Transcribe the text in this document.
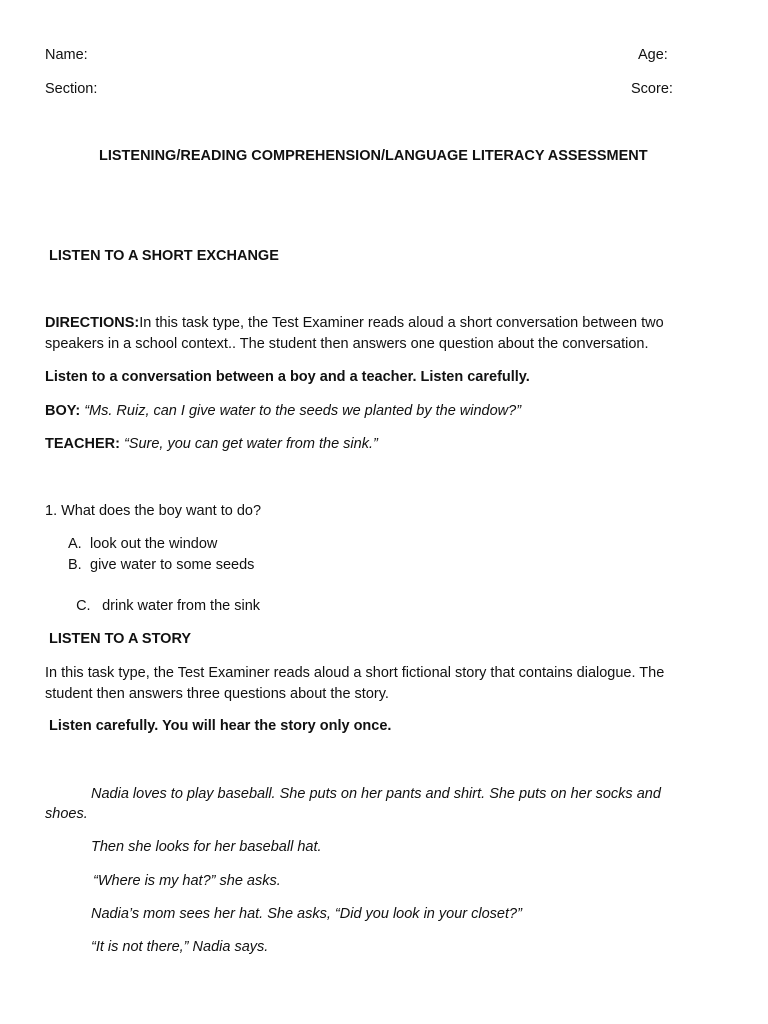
Name:	Age:
Section:	Score:
LISTENING/READING COMPREHENSION/LANGUAGE LITERACY ASSESSMENT
LISTEN TO A SHORT EXCHANGE
DIRECTIONS:In this task type, the Test Examiner reads aloud a short conversation between two speakers in a school context.. The student then answers one question about the conversation.
Listen to a conversation between a boy and a teacher. Listen carefully.
BOY: “Ms. Ruiz, can I give water to the seeds we planted by the window?”
TEACHER: “Sure, you can get water from the sink.”
1. What does the boy want to do?
A. look out the window
B. give water to some seeds

C. drink water from the sink

LISTEN TO A STORY
In this task type, the Test Examiner reads aloud a short fictional story that contains dialogue. The student then answers three questions about the story.
Listen carefully. You will hear the story only once.
Nadia loves to play baseball. She puts on her pants and shirt. She puts on her socks and
shoes.
Then she looks for her baseball hat.
“Where is my hat?” she asks.
Nadia’s mom sees her hat. She asks, “Did you look in your closet?”
“It is not there,” Nadia says.
